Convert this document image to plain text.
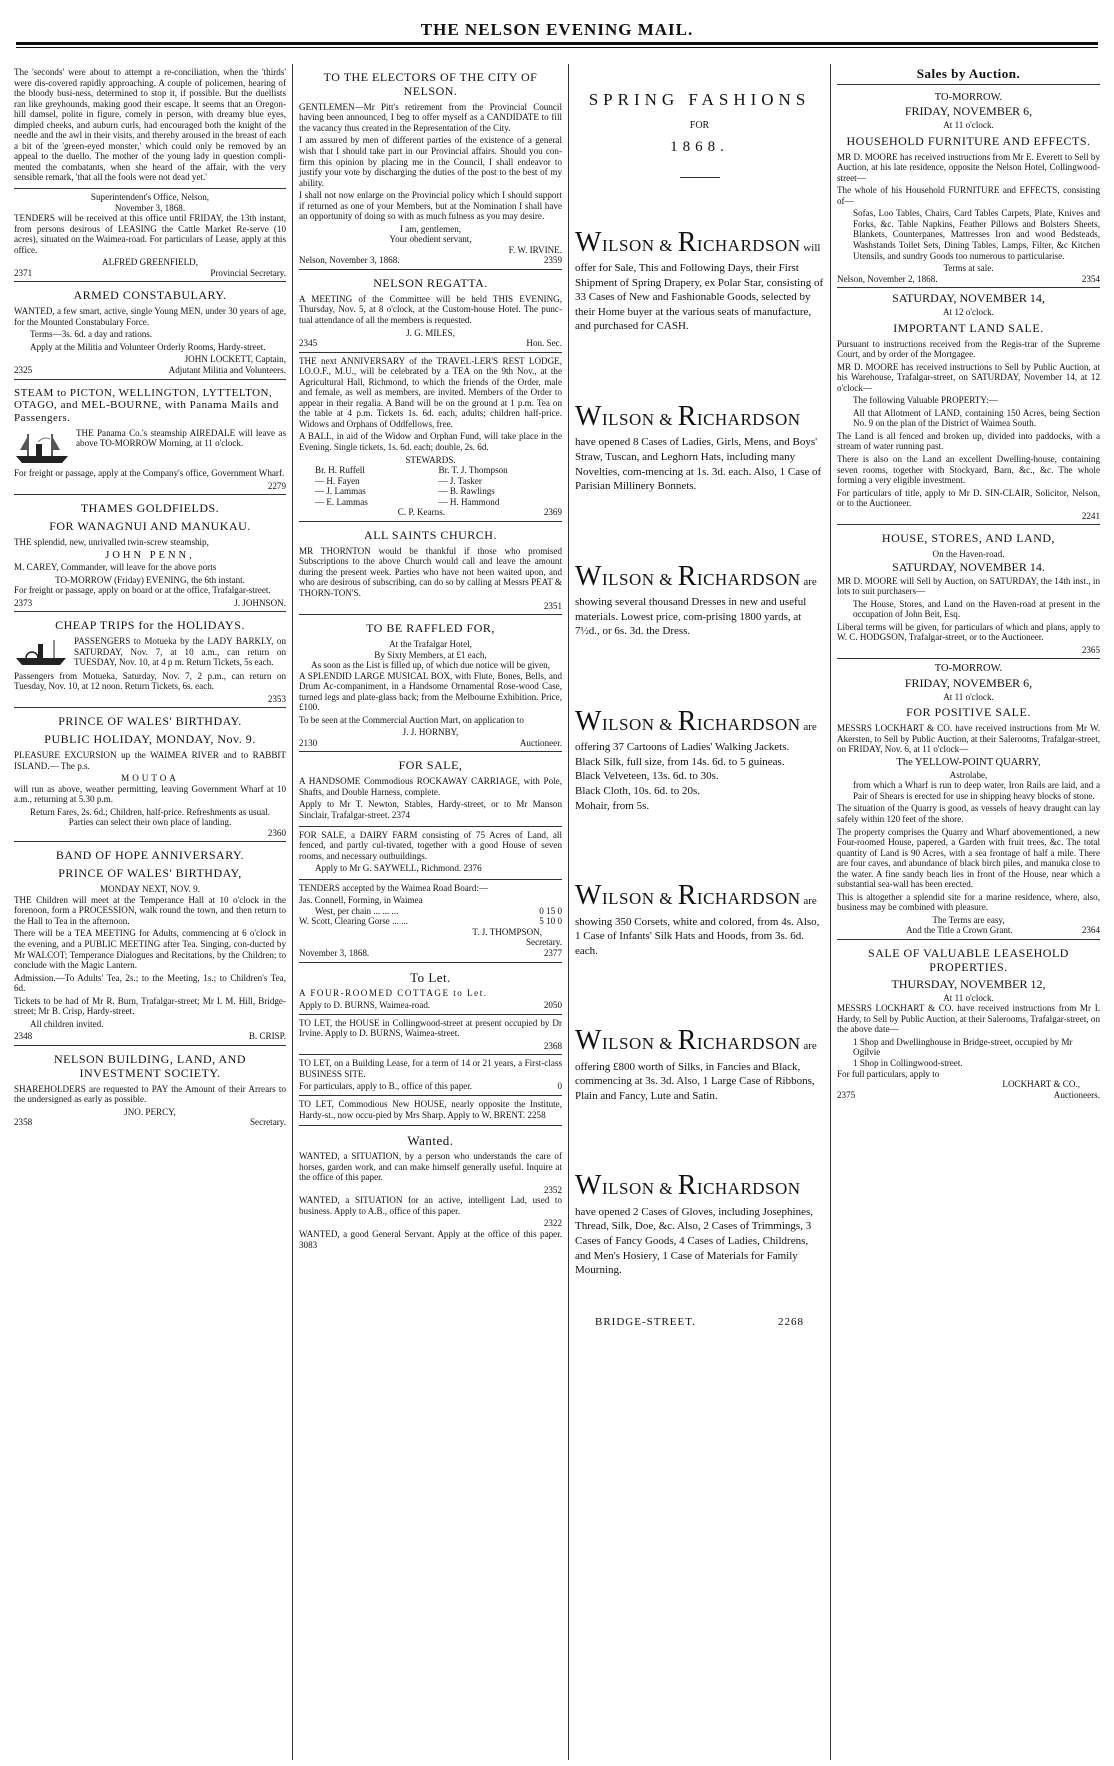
THE NELSON EVENING MAIL.

The 'seconds' were about to attempt a re-conciliation, when the 'thirds' were dis-covered rapidly approaching. A couple of policemen, hearing of the bloody busi-ness, determined to stop it, if possible. But the duellists ran like greyhounds, making good their escape. It seems that an Oregon-hill damsel, polite in figure, comely in person, with dreamy blue eyes, dimpled cheeks, and auburn curls, had encouraged both the knight of the needle and the awl in their visits, and thereby aroused in the breast of each a bit of the 'green-eyed monster,' which could only be removed by an appeal to the duello. The mother of the young lady in question compli-mented the combatants, when she heard of the affair, with the very sensible remark, 'that all the fools were not dead yet.'

Superintendent's Office, Nelson,
November 3, 1868.

TENDERS will be received at this office until FRIDAY, the 13th instant, from persons desirous of LEASING the Cattle Market Re-serve (10 acres), situated on the Waimea-road. For particulars of Lease, apply at this office.

ALFRED GREENFIELD,
2371	Provincial Secretary.
ARMED CONSTABULARY.

WANTED, a few smart, active, single Young MEN, under 30 years of age, for the Mounted Constabulary Force.

Terms—3s. 6d. a day and rations.

Apply at the Militia and Volunteer Orderly Rooms, Hardy-street.

JOHN LOCKETT, Captain,
2325	Adjutant Militia and Volunteers.
STEAM to PICTON, WELLINGTON, LYTTELTON, OTAGO, and MEL-BOURNE, with Panama Mails and Passengers.

THE Panama Co.'s steamship AIREDALE will leave as above TO-MORROW Morning, at 11 o'clock.

For freight or passage, apply at the Company's office, Government Wharf.

2279
THAMES GOLDFIELDS.
FOR WANAGNUI AND MANUKAU.

THE splendid, new, unrivalled twin-screw steamship,

JOHN PENN,

M. CAREY, Commander, will leave for the above ports

TO-MORROW (Friday) EVENING, the 6th instant.

For freight or passage, apply on board or at the office, Trafalgar-street.

2373	J. JOHNSON.
CHEAP TRIPS for the HOLIDAYS.

PASSENGERS to Motueka by the LADY BARKLY, on SATURDAY, Nov. 7, at 10 a.m., can return on TUESDAY, Nov. 10, at 4 p m. Return Tickets, 5s each.

Passengers from Motueka, Saturday, Nov. 7, 2 p.m., can return on Tuesday, Nov. 10, at 12 noon. Return Tickets, 6s. each.

2353
PRINCE OF WALES' BIRTHDAY.
PUBLIC HOLIDAY, MONDAY, Nov. 9.

PLEASURE EXCURSION up the WAIMEA RIVER and to RABBIT ISLAND.— The p.s.

MOUTOA

will run as above, weather permitting, leaving Government Wharf at 10 a.m., returning at 5.30 p.m.

Return Fares, 2s. 6d.; Children, half-price. Refreshments as usual.
Parties can select their own place of landing.
2360
BAND OF HOPE ANNIVERSARY.
PRINCE OF WALES' BIRTHDAY,
MONDAY NEXT, NOV. 9.

THE Children will meet at the Temperance Hall at 10 o'clock in the forenoon, form a PROCESSION, walk round the town, and then return to the Hall to Tea in the afternoon.

There will be a TEA MEETING for Adults, commencing at 6 o'clock in the evening, and a PUBLIC MEETING after Tea. Singing, con-ducted by Mr WALCOT; Temperance Dialogues and Recitations, by the Children; to conclude with the Magic Lantern.

Admission.—To Adults' Tea, 2s.; to the Meeting, 1s.; to Children's Tea, 6d.

Tickets to be had of Mr R. Burn, Trafalgar-street; Mr I. M. Hill, Bridge-street; Mr B. Crisp, Hardy-street.

All children invited.

2348	B. CRISP.
NELSON BUILDING, LAND, AND INVESTMENT SOCIETY.

SHAREHOLDERS are requested to PAY the Amount of their Arrears to the undersigned as early as possible.

JNO. PERCY,
2358	Secretary.
TO THE ELECTORS OF THE CITY OF NELSON.

GENTLEMEN—Mr Pitt's retirement from the Provincial Council having been announced, I beg to offer myself as a CANDIDATE to fill the vacancy thus created in the Representation of the City.

I am assured by men of different parties of the existence of a general wish that I should take part in our Provincial affairs. Should you con-firm this opinion by placing me in the Council, I shall endeavor to justify your vote by discharging the duties of the post to the best of my ability.

I shall not now enlarge on the Provincial policy which I should support if returned as one of your Members, but at the Nomination I shall have an opportunity of doing so with as much fulness as you may desire.

I am, gentlemen,
Your obedient servant,
F. W. IRVINE.
Nelson, November 3, 1868.	2359
NELSON REGATTA.

A MEETING of the Committee will be held THIS EVENING, Thursday, Nov. 5, at 8 o'clock, at the Custom-house Hotel. The punc-tual attendance of all the members is requested.

J. G. MILES,
2345	Hon. Sec.

THE next ANNIVERSARY of the TRAVEL-LER'S REST LODGE, I.O.O.F., M.U., will be celebrated by a TEA on the 9th Nov., at the Agricultural Hall, Richmond, to which the friends of the Order, male and female, as well as members, are invited. Members of the Order to appear in their regalia. A Band will be on the ground at 1 p.m. Tea on the table at 4 p.m. Tickets 1s. 6d. each, adults; children half-price. Widows and Orphans of Oddfellows, free.

A BALL, in aid of the Widow and Orphan Fund, will take place in the Evening. Single tickets, 1s. 6d. each; double, 2s. 6d.

STEWARDS.
Br. H. Ruffell
— H. Fayen
— J. Lammas
— E. Lammas
Br. T. J. Thompson
— J. Tasker
— B. Rawlings
— H. Hammond
C. P. Kearns.	2369
ALL SAINTS CHURCH.

MR THORNTON would be thankful if those who promised Subscriptions to the above Church would call and leave the amount during the present week. Parties who have not been waited upon, and who are desirous of subscribing, can do so by calling at Messrs PEAT & THORN-TON'S.

2351
TO BE RAFFLED FOR,
At the Trafalgar Hotel,
By Sixty Members, at £1 each,
As soon as the List is filled up, of which due notice will be given,

A SPLENDID LARGE MUSICAL BOX, with Flute, Bones, Bells, and Drum Ac-companiment, in a Handsome Ornamental Rose-wood Case, turned legs and plate-glass back; from the Melbourne Exhibition. Price, £100.

To be seen at the Commercial Auction Mart, on application to

J. J. HORNBY,
2130	Auctioneer.
FOR SALE,

A HANDSOME Commodious ROCKAWAY CARRIAGE, with Pole, Shafts, and Double Harness, complete.

Apply to Mr T. Newton, Stables, Hardy-street, or to Mr Manson Sinclair, Trafalgar-street. 2374

FOR SALE, a DAIRY FARM consisting of 75 Acres of Land, all fenced, and partly cul-tivated, together with a good House of seven rooms, and necessary outbuildings.

Apply to Mr G. SAYWELL, Richmond. 2376

TENDERS accepted by the Waimea Road Board:—

Jas. Connell, Forming, in Waimea
West, per chain ... ... ...	0 15 0
W. Scott, Clearing Gorse ... ...	5 10 0
T. J. THOMPSON,
Secretary.
November 3, 1868.	2377
To Let.

A FOUR-ROOMED COTTAGE to Let.

Apply to D. BURNS, Waimea-road.	2050

TO LET, the HOUSE in Collingwood-street at present occupied by Dr Irvine. Apply to D. BURNS, Waimea-street.

2368

TO LET, on a Building Lease, for a term of 14 or 21 years, a First-class BUSINESS SITE.

For particulars, apply to B., office of this paper.	0

TO LET, Commodious New HOUSE, nearly opposite the Institute, Hardy-st., now occu-pied by Mrs Sharp. Apply to W. BRENT. 2258

Wanted.

WANTED, a SITUATION, by a person who understands the care of horses, garden work, and can make himself generally useful. Inquire at the office of this paper.

2352

WANTED, a SITUATION for an active, intelligent Lad, used to business. Apply to A.B., office of this paper.

2322

WANTED, a good General Servant. Apply at the office of this paper. 3083

SPRING FASHIONS
FOR
1868.
WILSON & RICHARDSON will offer for Sale, This and Following Days, their First Shipment of Spring Drapery, ex Polar Star, consisting of 33 Cases of New and Fashionable Goods, selected by their Home buyer at the various seats of manufacture, and purchased for CASH.
WILSON & RICHARDSON have opened 8 Cases of Ladies, Girls, Mens, and Boys' Straw, Tuscan, and Leghorn Hats, including many Novelties, com-mencing at 1s. 3d. each. Also, 1 Case of Parisian Millinery Bonnets.
WILSON & RICHARDSON are showing several thousand Dresses in new and useful materials. Lowest price, com-prising 1800 yards, at 7½d., or 6s. 3d. the Dress.
WILSON & RICHARDSON are offering 37 Cartoons of Ladies' Walking Jackets.
Black Silk, full size, from 14s. 6d. to 5 guineas.
Black Velveteen, 13s. 6d. to 30s.
Black Cloth, 10s. 6d. to 20s.
Mohair, from 5s.
WILSON & RICHARDSON are showing 350 Corsets, white and colored, from 4s. Also, 1 Case of Infants' Silk Hats and Hoods, from 3s. 6d. each.
WILSON & RICHARDSON are offering £800 worth of Silks, in Fancies and Black, commencing at 3s. 3d. Also, 1 Large Case of Ribbons, Plain and Fancy, Lute and Satin.
WILSON & RICHARDSON have opened 2 Cases of Gloves, including Josephines, Thread, Silk, Doe, &c. Also, 2 Cases of Trimmings, 3 Cases of Fancy Goods, 4 Cases of Ladies, Childrens, and Men's Hosiery, 1 Case of Materials for Family Mourning.
BRIDGE-STREET.	2268
Sales by Auction.
TO-MORROW.
FRIDAY, NOVEMBER 6,
At 11 o'clock.
HOUSEHOLD FURNITURE AND EFFECTS.

MR D. MOORE has received instructions from Mr E. Everett to Sell by Auction, at his late residence, opposite the Nelson Hotel, Collingwood-street—

The whole of his Household FURNITURE and EFFECTS, consisting of—

Sofas, Loo Tables, Chairs, Card Tables Carpets, Plate, Knives and Forks, &c. Table Napkins, Feather Pillows and Bolsters Sheets, Blankets, Counterpanes, Mattresses Iron and wood Bedsteads, Washstands Toilet Sets, Dining Tables, Lamps, Filter, &c Kitchen Utensils, and sundry Goods too numerous to particularise.

Terms at sale.
Nelson, November 2, 1868.	2354
SATURDAY, NOVEMBER 14,
At 12 o'clock.
IMPORTANT LAND SALE.

Pursuant to instructions received from the Regis-trar of the Supreme Court, and by order of the Mortgagee.

MR D. MOORE has received instructions to Sell by Public Auction, at his Warehouse, Trafalgar-street, on SATURDAY, November 14, at 12 o'clock—

The following Valuable PROPERTY:—

All that Allotment of LAND, containing 150 Acres, being Section No. 9 on the plan of the District of Waimea South.

The Land is all fenced and broken up, divided into paddocks, with a stream of water running past.

There is also on the Land an excellent Dwelling-house, containing seven rooms, together with Stockyard, Barn, &c., &c. The whole forming a very eligible investment.

For particulars of title, apply to Mr D. SIN-CLAIR, Solicitor, Nelson, or to the Auctioneer.

2241
HOUSE, STORES, AND LAND,
On the Haven-road.
SATURDAY, NOVEMBER 14.

MR D. MOORE will Sell by Auction, on SATURDAY, the 14th inst., in lots to suit purchasers—

The House, Stores, and Land on the Haven-road at present in the occupation of John Beit, Esq.

Liberal terms will be given, for particulars of which and plans, apply to W. C. HODGSON, Trafalgar-street, or to the Auctioneer.

2365
TO-MORROW.
FRIDAY, NOVEMBER 6,
At 11 o'clock.
FOR POSITIVE SALE.

MESSRS LOCKHART & CO. have received instructions from Mr W. Akersten, to Sell by Public Auction, at their Salerooms, Trafalgar-street, on FRIDAY, Nov. 6, at 11 o'clock—

The YELLOW-POINT QUARRY,
Astrolabe,

from which a Wharf is run to deep water, Iron Rails are laid, and a Pair of Shears is erected for use in shipping heavy blocks of stone.

The situation of the Quarry is good, as vessels of heavy draught can lay safely within 120 feet of the shore.

The property comprises the Quarry and Wharf abovementioned, a new Four-roomed House, papered, a Garden with fruit trees, &c. The total quantity of Land is 90 Acres, with a sea frontage of half a mile. There are four caves, and abundance of black birch piles, and manuka close to the water. A fine sandy beach lies in front of the House, near which a substantial sea-wall has been erected.

This is altogether a splendid site for a marine residence, where, also, business may be combined with pleasure.

The Terms are easy,
And the Title a Crown Grant.	2364
SALE OF VALUABLE LEASEHOLD PROPERTIES.
THURSDAY, NOVEMBER 12,
At 11 o'clock.

MESSRS LOCKHART & CO. have received instructions from Mr I. Hardy, to Sell by Public Auction, at their Salerooms, Trafalgar-street, on the above date—

1 Shop and Dwellinghouse in Bridge-street, occupied by Mr Ogilvie
1 Shop in Collingwood-street.
For full particulars, apply to
LOCKHART & CO.,
2375	Auctioneers.
